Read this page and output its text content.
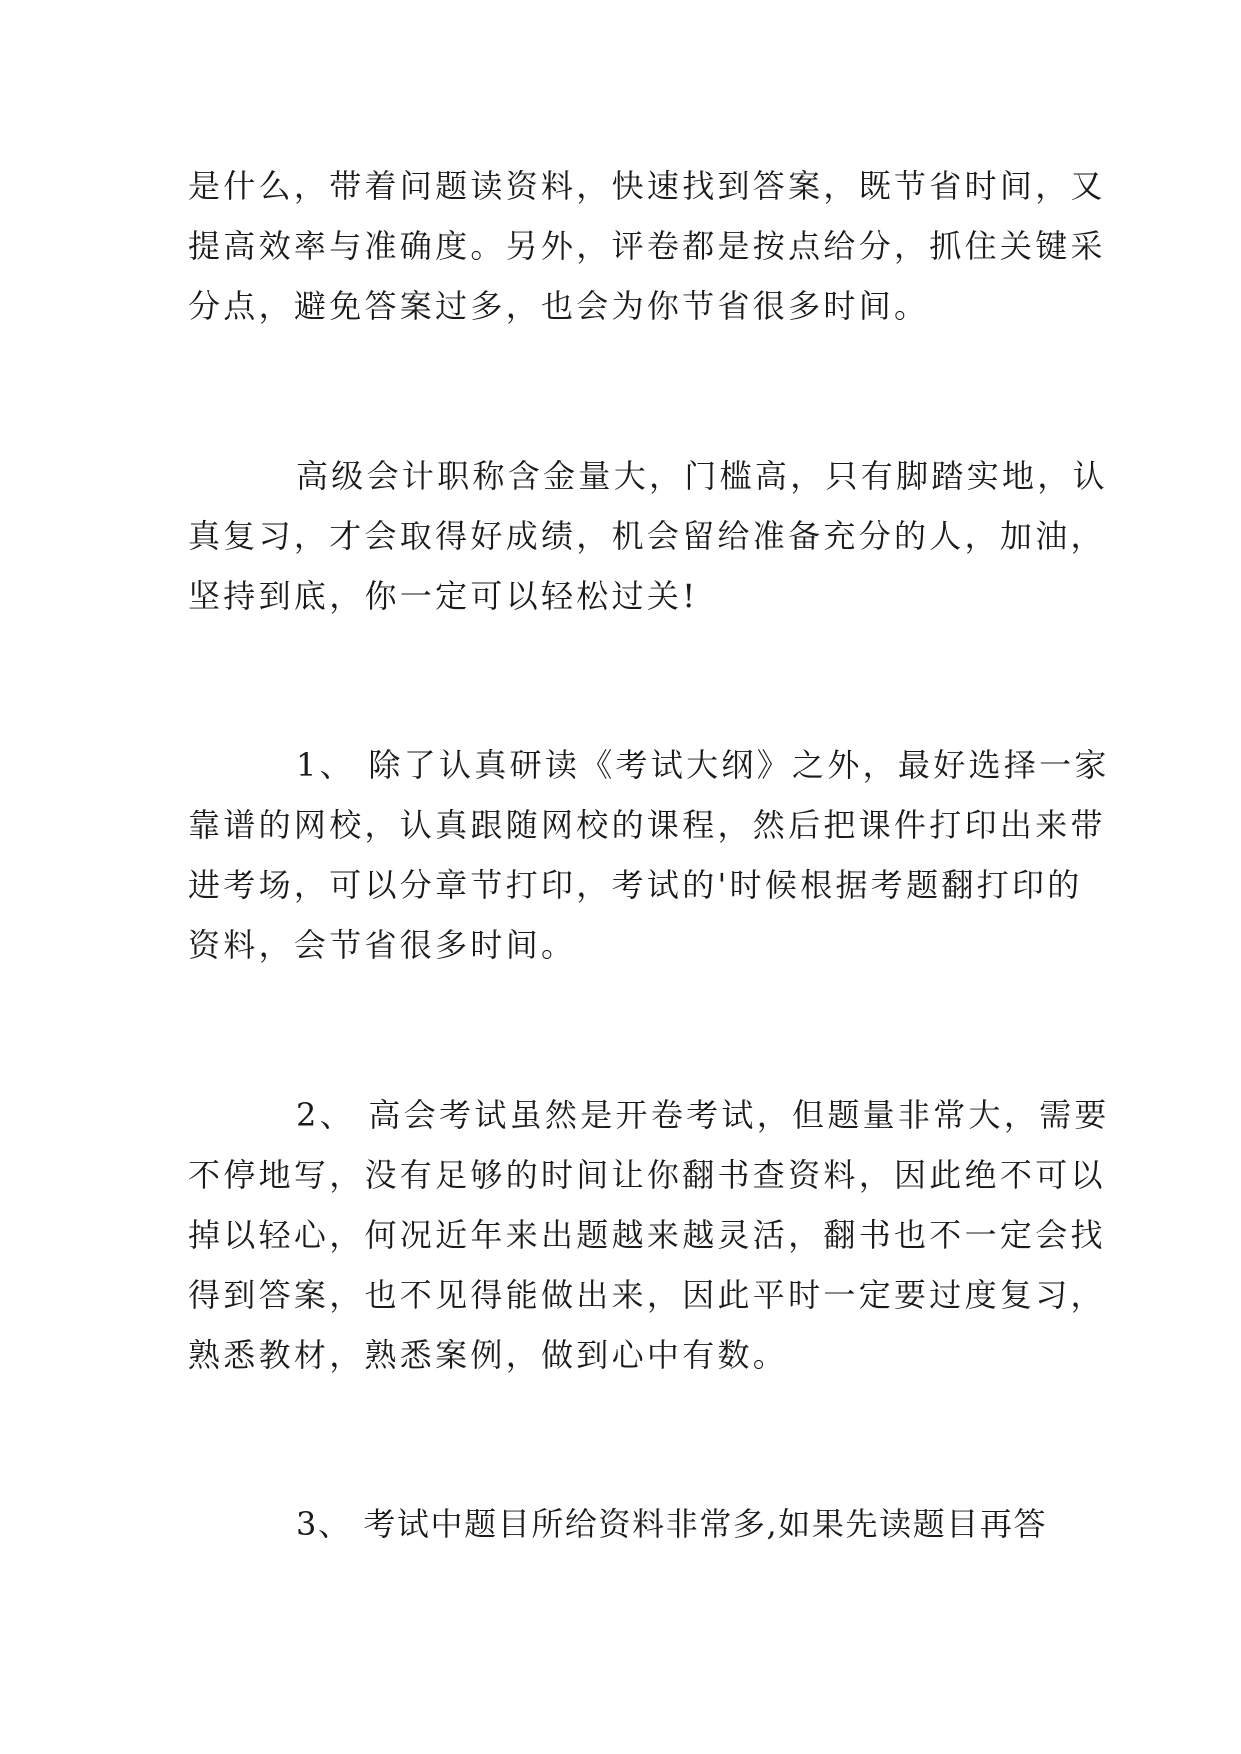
是什么，带着问题读资料，快速找到答案，既节省时间，又
提高效率与准确度。另外，评卷都是按点给分，抓住关键采
分点，避免答案过多，也会为你节省很多时间。
高级会计职称含金量大，门槛高，只有脚踏实地，认
真复习，才会取得好成绩，机会留给准备充分的人，加油，
坚持到底，你一定可以轻松过关!
1、 除了认真研读《考试大纲》之外，最好选择一家
靠谱的网校，认真跟随网校的课程，然后把课件打印出来带
进考场，可以分章节打印，考试的'时候根据考题翻打印的
资料，会节省很多时间。
2、 高会考试虽然是开卷考试，但题量非常大，需要
不停地写，没有足够的时间让你翻书查资料，因此绝不可以
掉以轻心，何况近年来出题越来越灵活，翻书也不一定会找
得到答案，也不见得能做出来，因此平时一定要过度复习，
熟悉教材，熟悉案例，做到心中有数。
3、 考试中题目所给资料非常多,如果先读题目再答
